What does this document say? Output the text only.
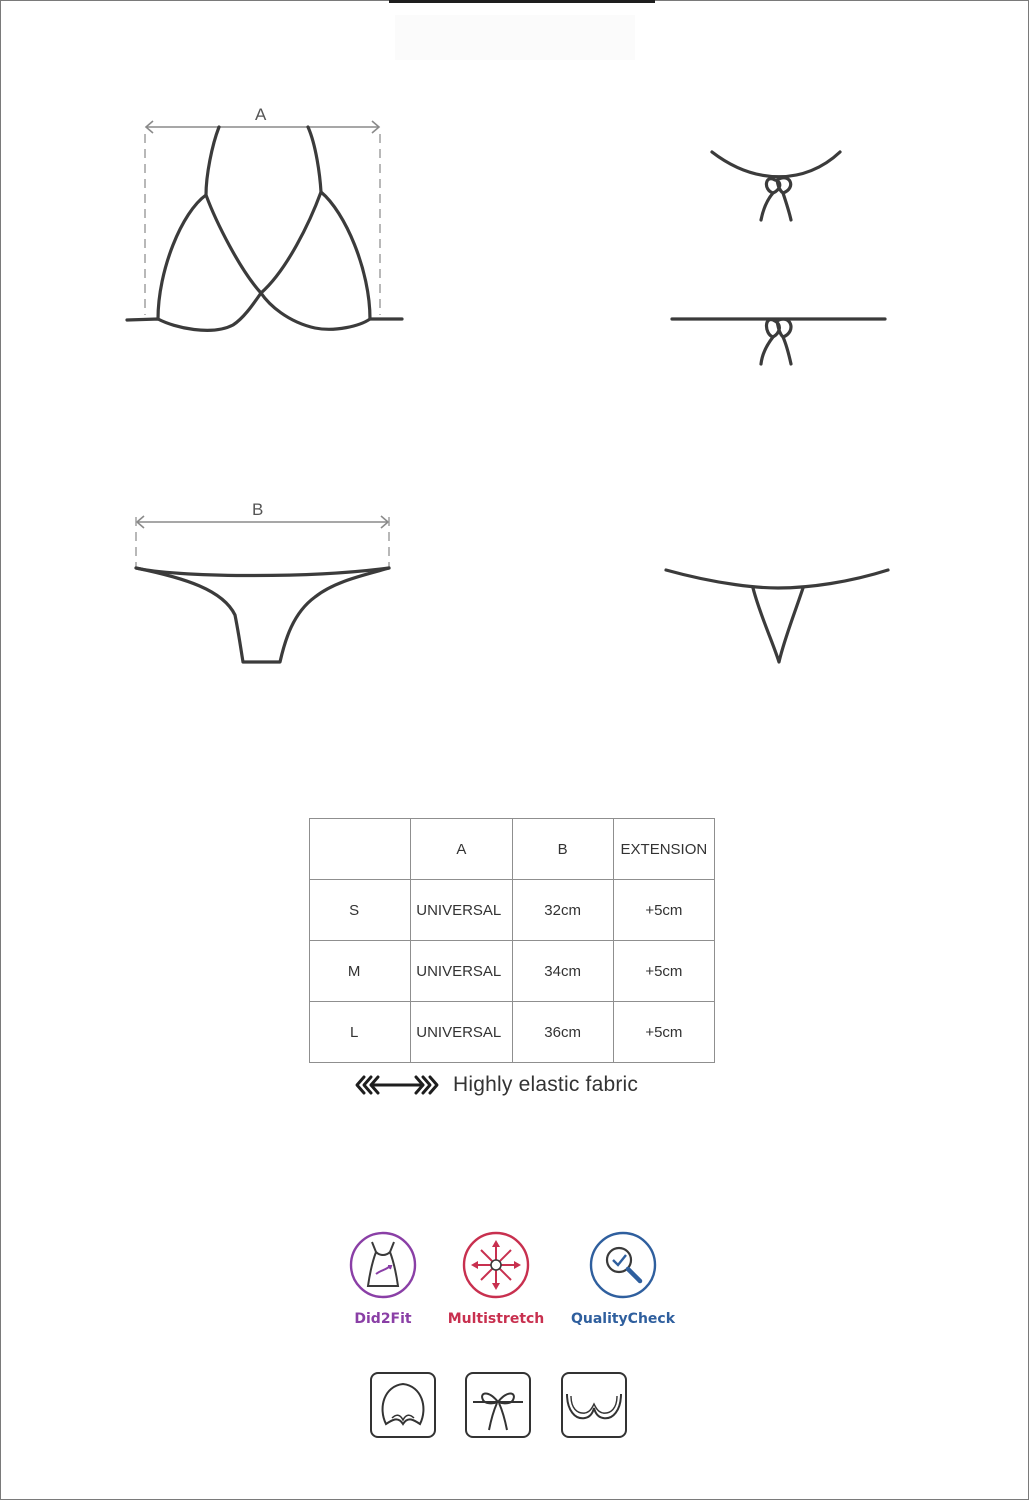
A
B
	A	B	EXTENSION
S	UNIVERSAL	32cm	+5cm
M	UNIVERSAL	34cm	+5cm
L	UNIVERSAL	36cm	+5cm
Highly elastic fabric
Did2Fit	Multistretch	QualityCheck
